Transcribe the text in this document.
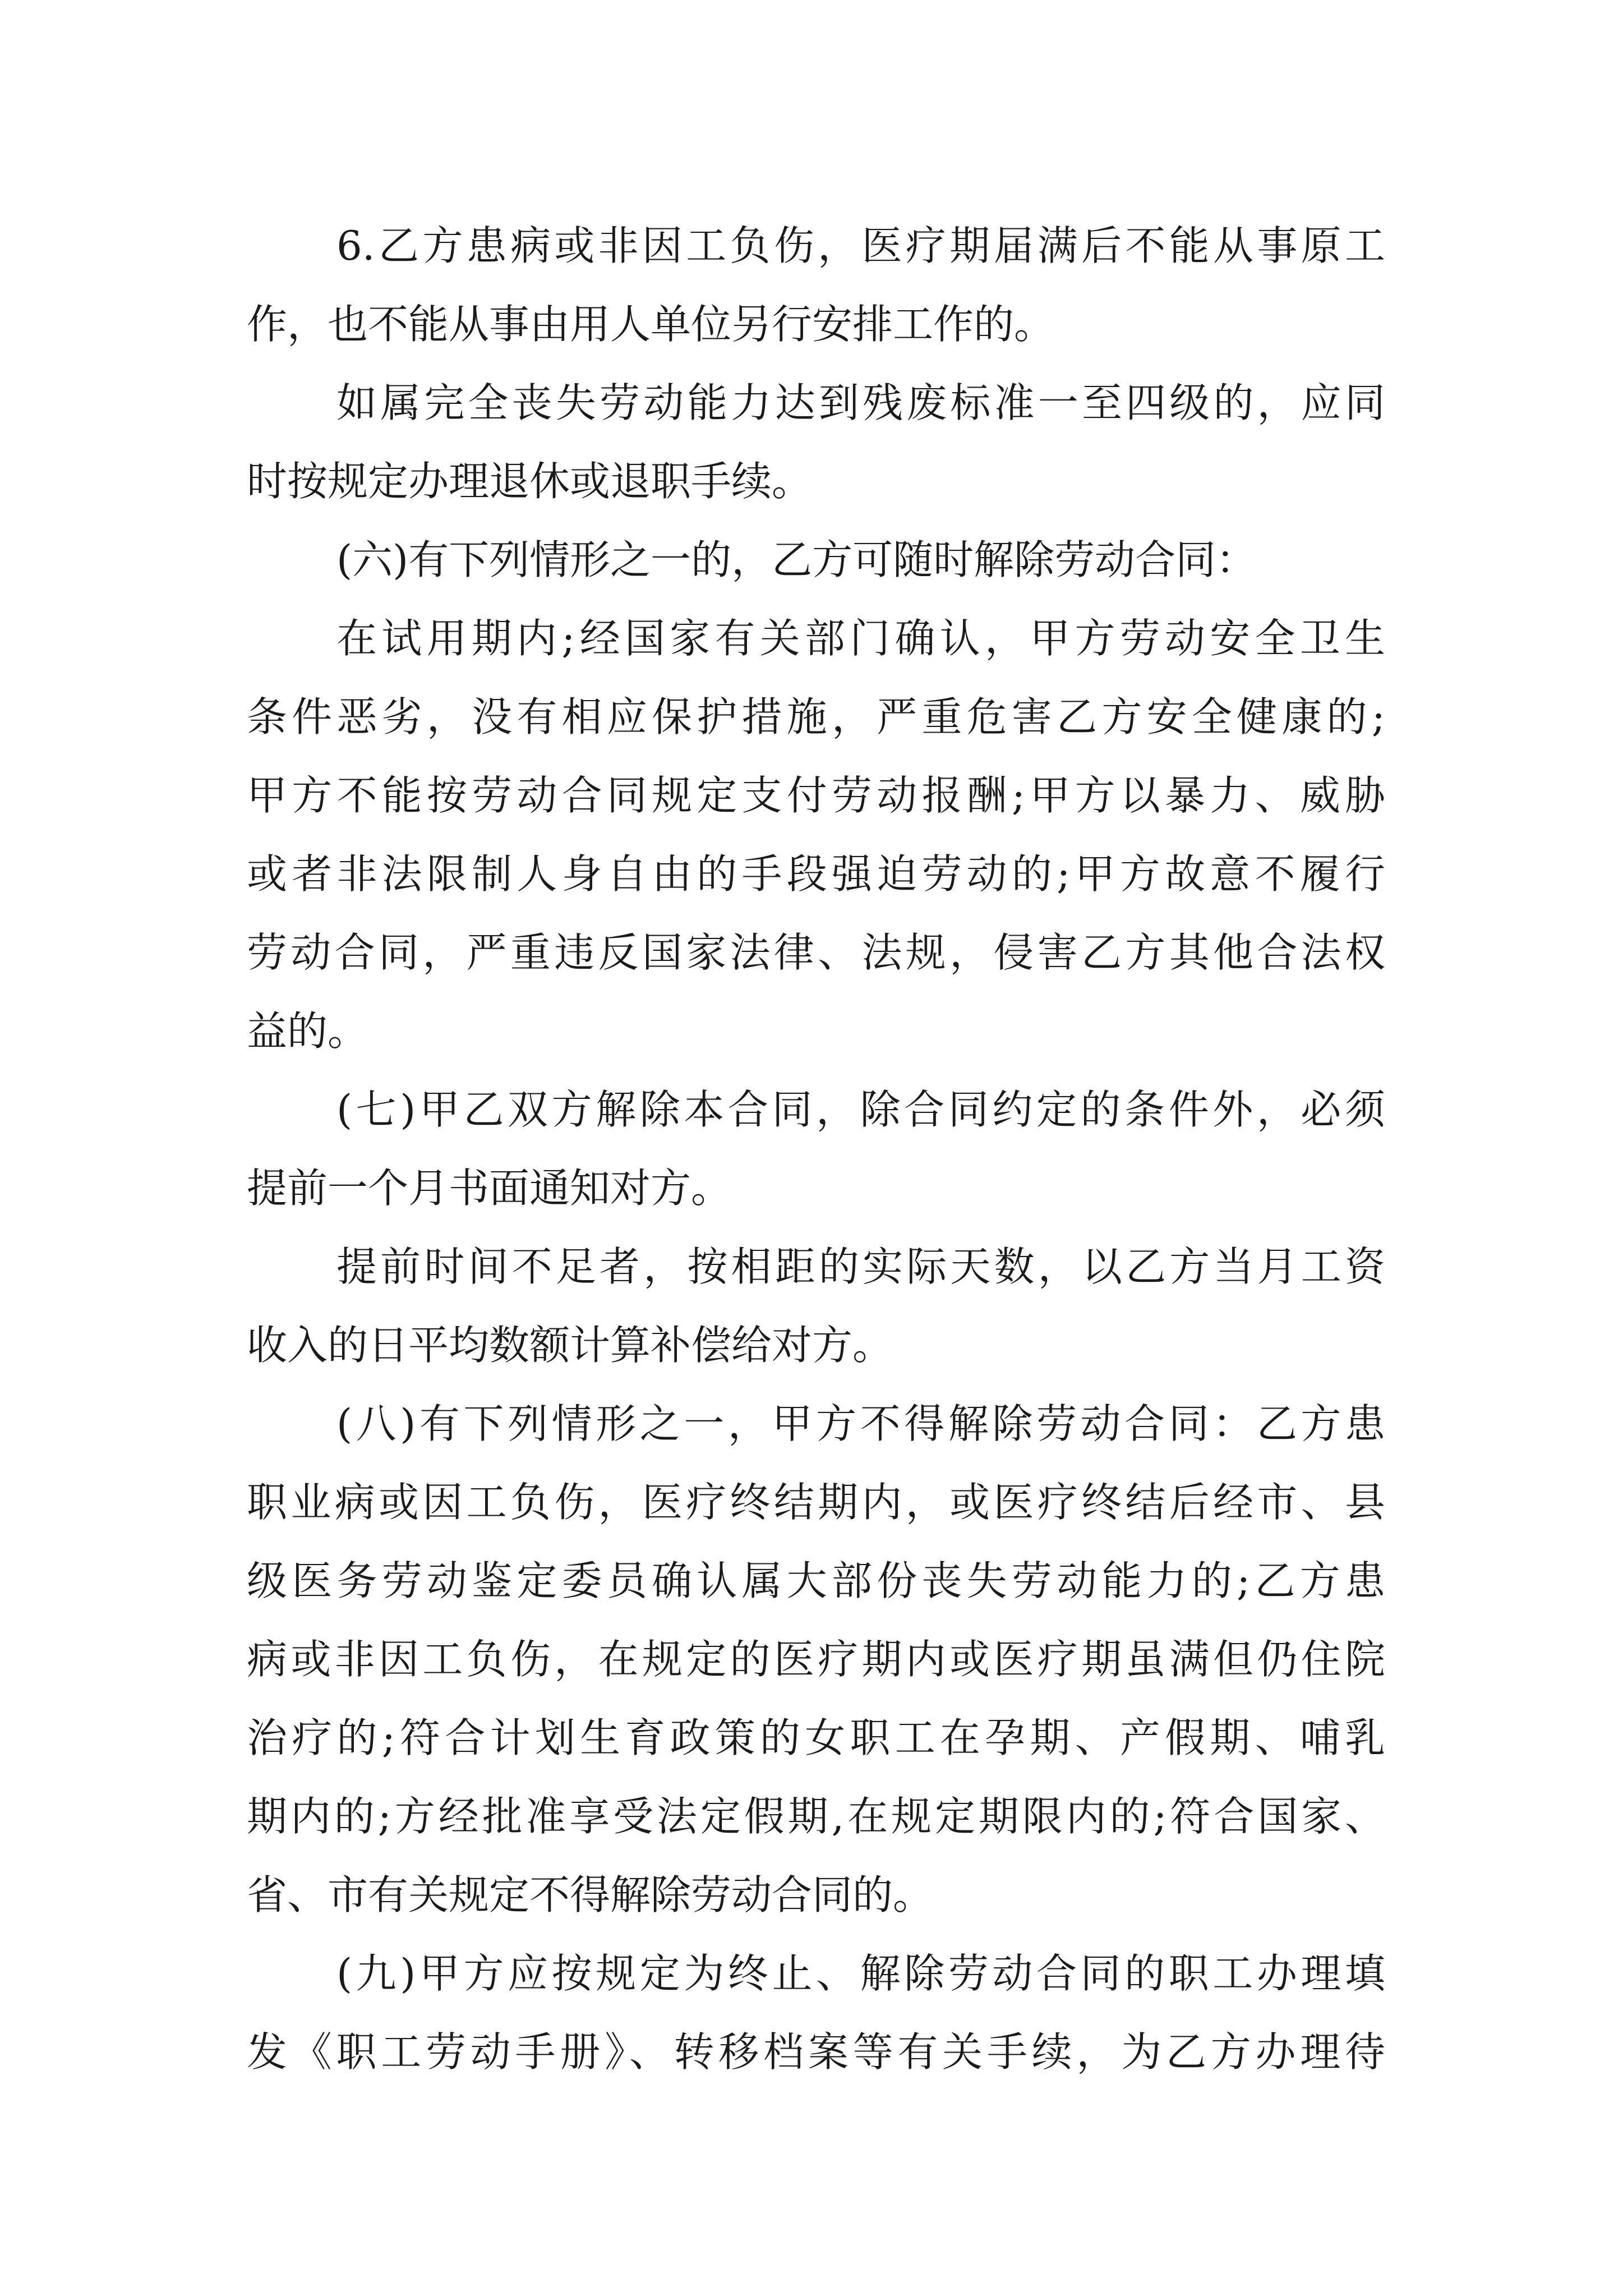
6.乙方患病或非因工负伤，医疗期届满后不能从事原工
作，也不能从事由用人单位另行安排工作的。
如属完全丧失劳动能力达到残废标准一至四级的，应同
时按规定办理退休或退职手续。
(六)有下列情形之一的，乙方可随时解除劳动合同：
在试用期内;经国家有关部门确认，甲方劳动安全卫生
条件恶劣，没有相应保护措施，严重危害乙方安全健康的;
甲方不能按劳动合同规定支付劳动报酬;甲方以暴力、威胁
或者非法限制人身自由的手段强迫劳动的;甲方故意不履行
劳动合同，严重违反国家法律、法规，侵害乙方其他合法权
益的。
(七)甲乙双方解除本合同，除合同约定的条件外，必须
提前一个月书面通知对方。
提前时间不足者，按相距的实际天数，以乙方当月工资
收入的日平均数额计算补偿给对方。
(八)有下列情形之一，甲方不得解除劳动合同：乙方患
职业病或因工负伤，医疗终结期内，或医疗终结后经市、县
级医务劳动鉴定委员确认属大部份丧失劳动能力的;乙方患
病或非因工负伤，在规定的医疗期内或医疗期虽满但仍住院
治疗的;符合计划生育政策的女职工在孕期、产假期、哺乳
期内的;方经批准享受法定假期,在规定期限内的;符合国家、
省、市有关规定不得解除劳动合同的。
(九)甲方应按规定为终止、解除劳动合同的职工办理填
发《职工劳动手册》、转移档案等有关手续，为乙方办理待
